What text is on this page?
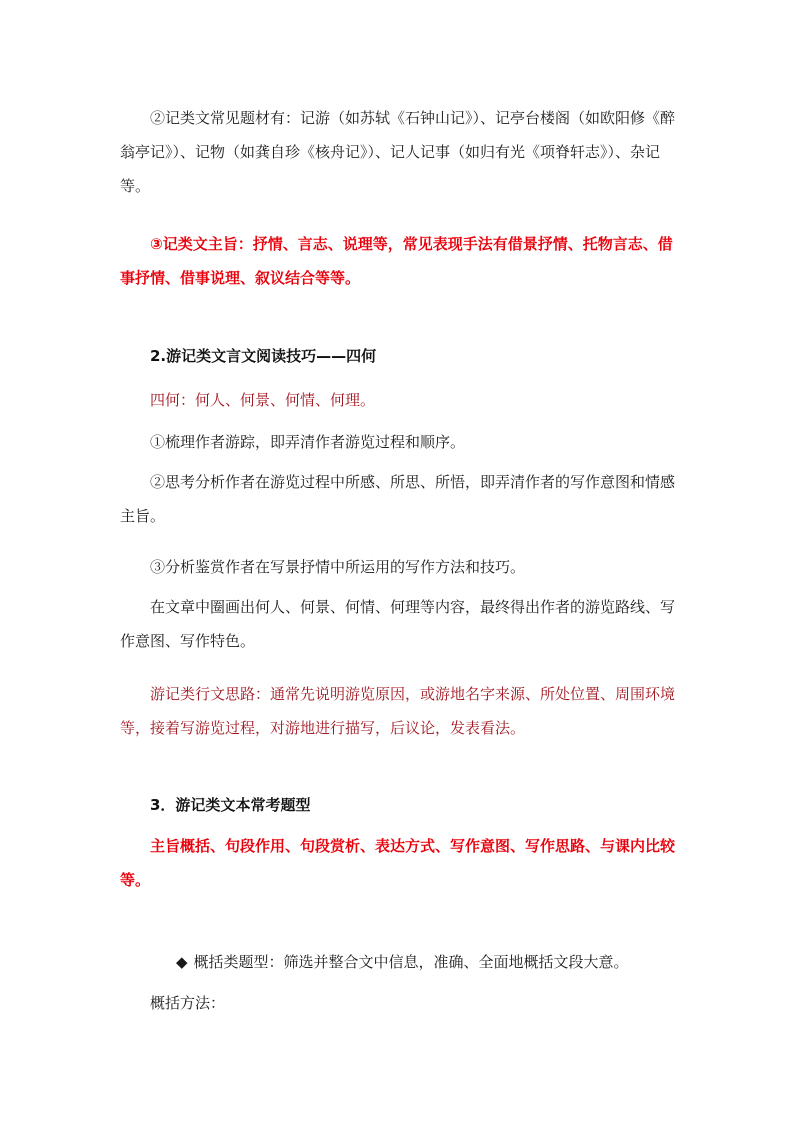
②记类文常见题材有：记游（如苏轼《石钟山记》）、记亭台楼阁（如欧阳修《醉翁亭记》）、记物（如龚自珍《核舟记》）、记人记事（如归有光《项脊轩志》）、杂记等。
③记类文主旨：抒情、言志、说理等，常见表现手法有借景抒情、托物言志、借事抒情、借事说理、叙议结合等等。
2.游记类文言文阅读技巧——四何
四何：何人、何景、何情、何理。
①梳理作者游踪，即弄清作者游览过程和顺序。
②思考分析作者在游览过程中所感、所思、所悟，即弄清作者的写作意图和情感主旨。
③分析鉴赏作者在写景抒情中所运用的写作方法和技巧。
在文章中圈画出何人、何景、何情、何理等内容，最终得出作者的游览路线、写作意图、写作特色。
游记类行文思路：通常先说明游览原因，或游地名字来源、所处位置、周围环境等，接着写游览过程，对游地进行描写，后议论，发表看法。
3．游记类文本常考题型
主旨概括、句段作用、句段赏析、表达方式、写作意图、写作思路、与课内比较等。
◆ 概括类题型：筛选并整合文中信息，准确、全面地概括文段大意。
概括方法：
